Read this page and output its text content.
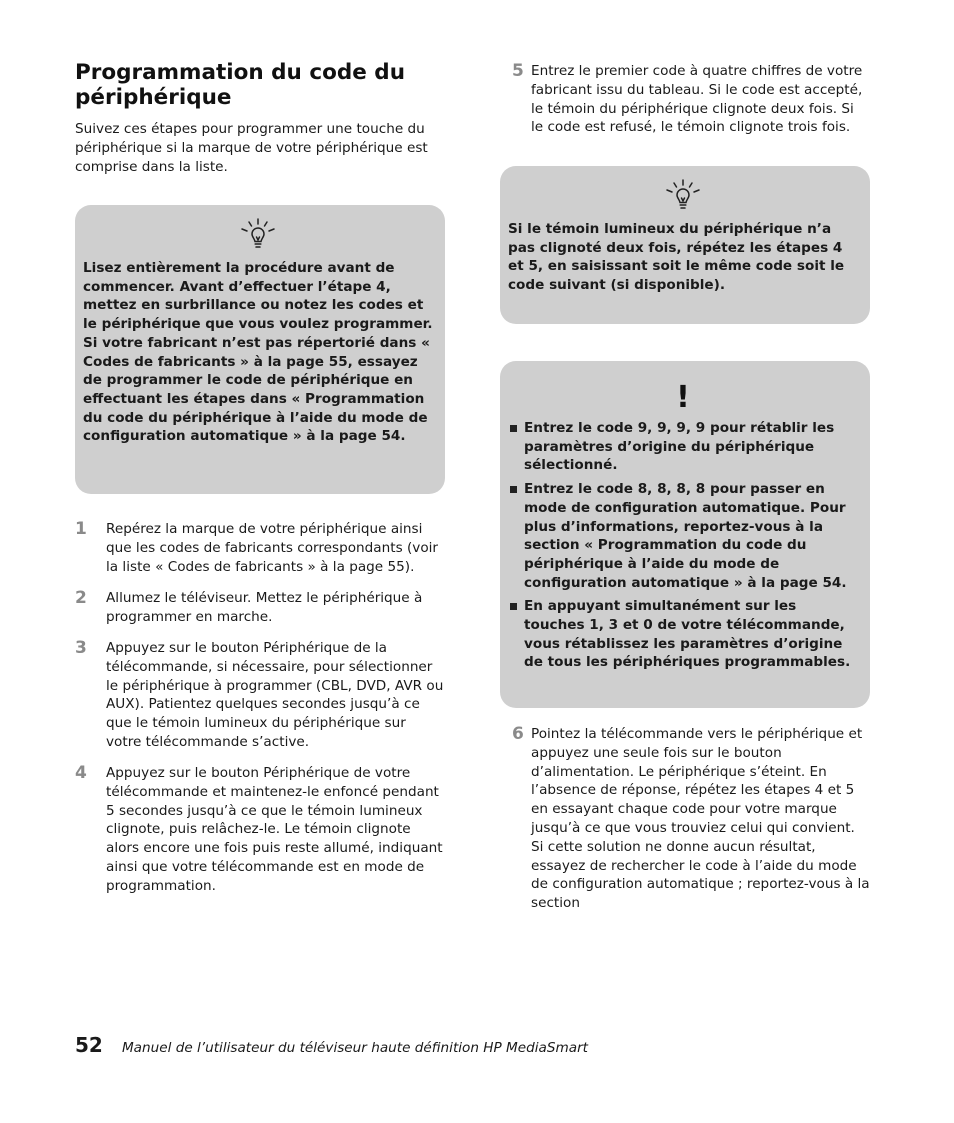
Programmation du code du périphérique

Suivez ces étapes pour programmer une touche du périphérique si la marque de votre périphérique est comprise dans la liste.

Lisez entièrement la procédure avant de commencer. Avant d’effectuer l’étape 4, mettez en surbrillance ou notez les codes et le périphérique que vous voulez programmer. Si votre fabricant n’est pas répertorié dans « Codes de fabricants » à la page 55, essayez de programmer le code de périphérique en effectuant les étapes dans « Programmation du code du périphérique à l’aide du mode de configuration automatique » à la page 54.

1 Repérez la marque de votre périphérique ainsi que les codes de fabricants correspondants (voir la liste « Codes de fabricants » à la page 55).
2 Allumez le téléviseur. Mettez le périphérique à programmer en marche.
3 Appuyez sur le bouton Périphérique de la télécommande, si nécessaire, pour sélectionner le périphérique à programmer (CBL, DVD, AVR ou AUX). Patientez quelques secondes jusqu’à ce que le témoin lumineux du périphérique sur votre télécommande s’active.
4 Appuyez sur le bouton Périphérique de votre télécommande et maintenez-le enfoncé pendant 5 secondes jusqu’à ce que le témoin lumineux clignote, puis relâchez-le. Le témoin clignote alors encore une fois puis reste allumé, indiquant ainsi que votre télécommande est en mode de programmation.
5 Entrez le premier code à quatre chiffres de votre fabricant issu du tableau. Si le code est accepté, le témoin du périphérique clignote deux fois. Si le code est refusé, le témoin clignote trois fois.

Si le témoin lumineux du périphérique n’a pas clignoté deux fois, répétez les étapes 4 et 5, en saisissant soit le même code soit le code suivant (si disponible).

!
Entrez le code 9, 9, 9, 9 pour rétablir les paramètres d’origine du périphérique sélectionné.
Entrez le code 8, 8, 8, 8 pour passer en mode de configuration automatique. Pour plus d’informations, reportez-vous à la section « Programmation du code du périphérique à l’aide du mode de configuration automatique » à la page 54.
En appuyant simultanément sur les touches 1, 3 et 0 de votre télécommande, vous rétablissez les paramètres d’origine de tous les périphériques programmables.
6 Pointez la télécommande vers le périphérique et appuyez une seule fois sur le bouton d’alimentation. Le périphérique s’éteint. En l’absence de réponse, répétez les étapes 4 et 5 en essayant chaque code pour votre marque jusqu’à ce que vous trouviez celui qui convient. Si cette solution ne donne aucun résultat, essayez de rechercher le code à l’aide du mode de configuration automatique ; reportez-vous à la section
52 Manuel de l’utilisateur du téléviseur haute définition HP MediaSmart
